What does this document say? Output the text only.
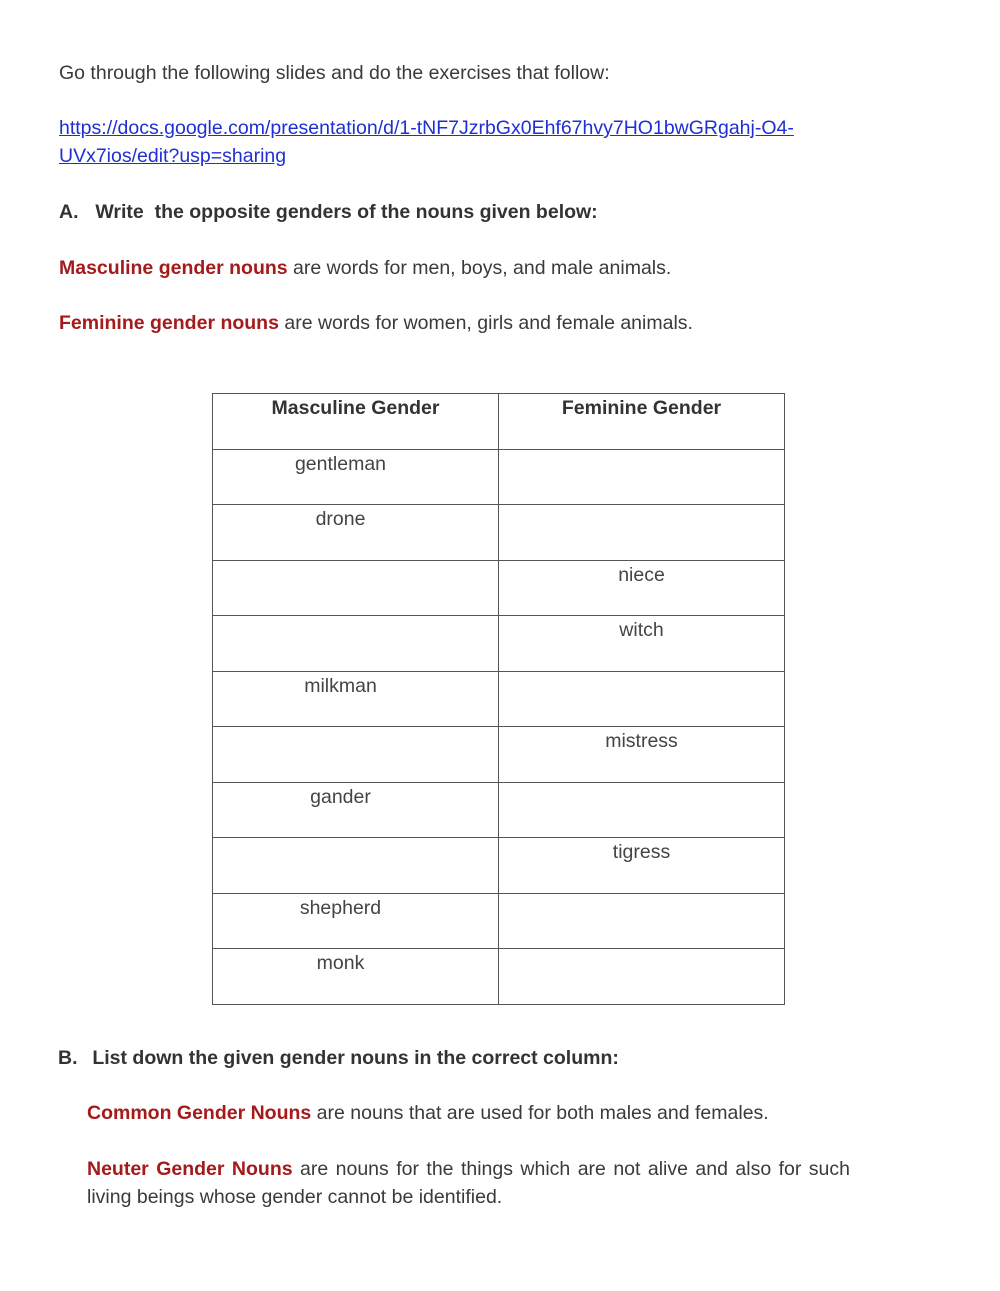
Go through the following slides and do the exercises that follow:
https://docs.google.com/presentation/d/1-tNF7JzrbGx0Ehf67hvy7HO1bwGRgahj-O4-
UVx7ios/edit?usp=sharing
A. Write  the opposite genders of the nouns given below:
Masculine gender nouns are words for men, boys, and male animals.
Feminine gender nouns are words for women, girls and female animals.
Masculine Gender	Feminine Gender
gentleman	
drone	
	niece
	witch
milkman	
	mistress
gander	
	tigress
shepherd	
monk	
B. List down the given gender nouns in the correct column:
Common Gender Nouns are nouns that are used for both males and females.
Neuter Gender Nouns are nouns for the things which are not alive and also for such living beings whose gender cannot be identified.
